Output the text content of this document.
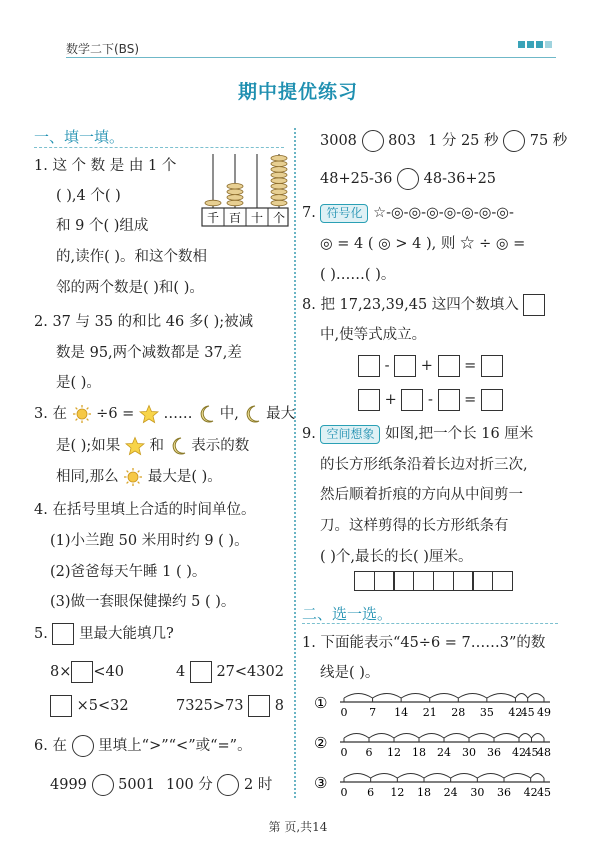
数学二下(BS)
期中提优练习
一、填一填。
1. 这 个 数 是 由 1 个
( ),4 个( )
和 9 个( )组成
的,读作( )。和这个数相
邻的两个数是( )和( )。
千 百 十 个
2. 37 与 35 的和比 46 多( );被减
数是 95,两个减数都是 37,差
是( )。
3. 在 ÷6 = …… 中, 最大
是( );如果 和 表示的数
相同,那么 最大是( )。
4. 在括号里填上合适的时间单位。
(1)小兰跑 50 米用时约 9 ( )。
(2)爸爸每天午睡 1 ( )。
(3)做一套眼保健操约 5 ( )。
5. 里最大能填几?
8× <40	4 27<4302
×5<32	7325>73 8
6. 在 里填上“>”“<”或“=”。
4999 5001 100 分 2 时
3008 803 1 分 25 秒 75 秒
48+25-36 48-36+25
7. 符号化 ☆-◎-◎-◎-◎-◎-◎-◎-
◎ = 4 ( ◎ > 4 ), 则 ☆ ÷ ◎ =
( )……( )。
8. 把 17,23,39,45 这四个数填入
中,使等式成立。
- + =
+ - =
9. 空间想象 如图,把一个长 16 厘米
的长方形纸条沿着长边对折三次,
然后顺着折痕的方向从中间剪一
刀。这样剪得的长方形纸条有
( )个,最长的长( )厘米。
二、选一选。
1. 下面能表示“45÷6 = 7……3”的数
线是( )。
①
0 7 14 21 28 35 42
45 49
②
0 6 12 18 24 30 36 42
45
48
③
0 6 12 18 24 30 36 42 45
第 页,共14
